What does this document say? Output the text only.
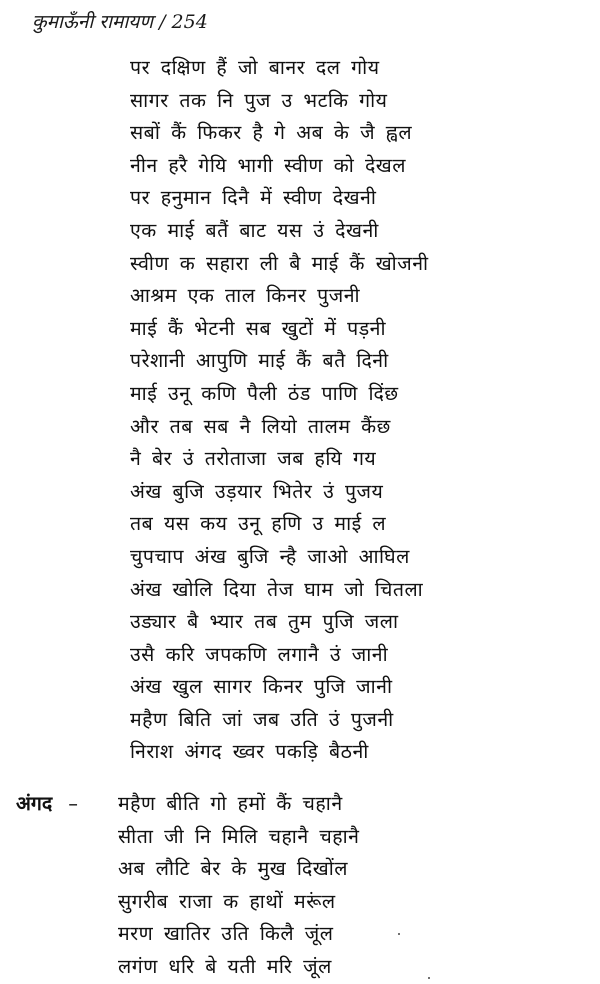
कुमाऊँनी रामायण / 254
पर दक्षिण हैं जो बानर दल गोय
सागर तक नि पुज उ भटकि गोय
सबों कैं फिकर है गे अब के जै ह्वल
नीन हरै गेयि भागी स्वीण को देखल
पर हनुमान दिनै में स्वीण देखनी
एक माई बतैं बाट यस उं देखनी
स्वीण क सहारा ली बै माई कैं खोजनी
आश्रम एक ताल किनर पुजनी
माई कैं भेटनी सब खुटों में पड़नी
परेशानी आपुणि माई कैं बतै दिनी
माई उनू कणि पैली ठंड पाणि दिंछ
और तब सब नै लियो तालम कैंछ
नै बेर उं तरोताजा जब हयि गय
अंख बुजि उड़यार भितेर उं पुजय
तब यस कय उनू हणि उ माई ल
चुपचाप अंख बुजि न्है जाओ आघिल
अंख खोलि दिया तेज घाम जो चितला
उड्यार बै भ्यार तब तुम पुजि जला
उसै करि जपकणि लगानै उं जानी
अंख खुल सागर किनर पुजि जानी
महैण बिति जां जब उति उं पुजनी
निराश अंगद ख्वर पकड़ि बैठनी
अंगद – महैण बीति गो हमों कैं चहानै
सीता जी नि मिलि चहानै चहानै
अब लौटि बेर के मुख दिखोंल
सुगरीब राजा क हाथों मरूंल
मरण खातिर उति किलै जूंल
लगंण धरि बे यती मरि जूंल
